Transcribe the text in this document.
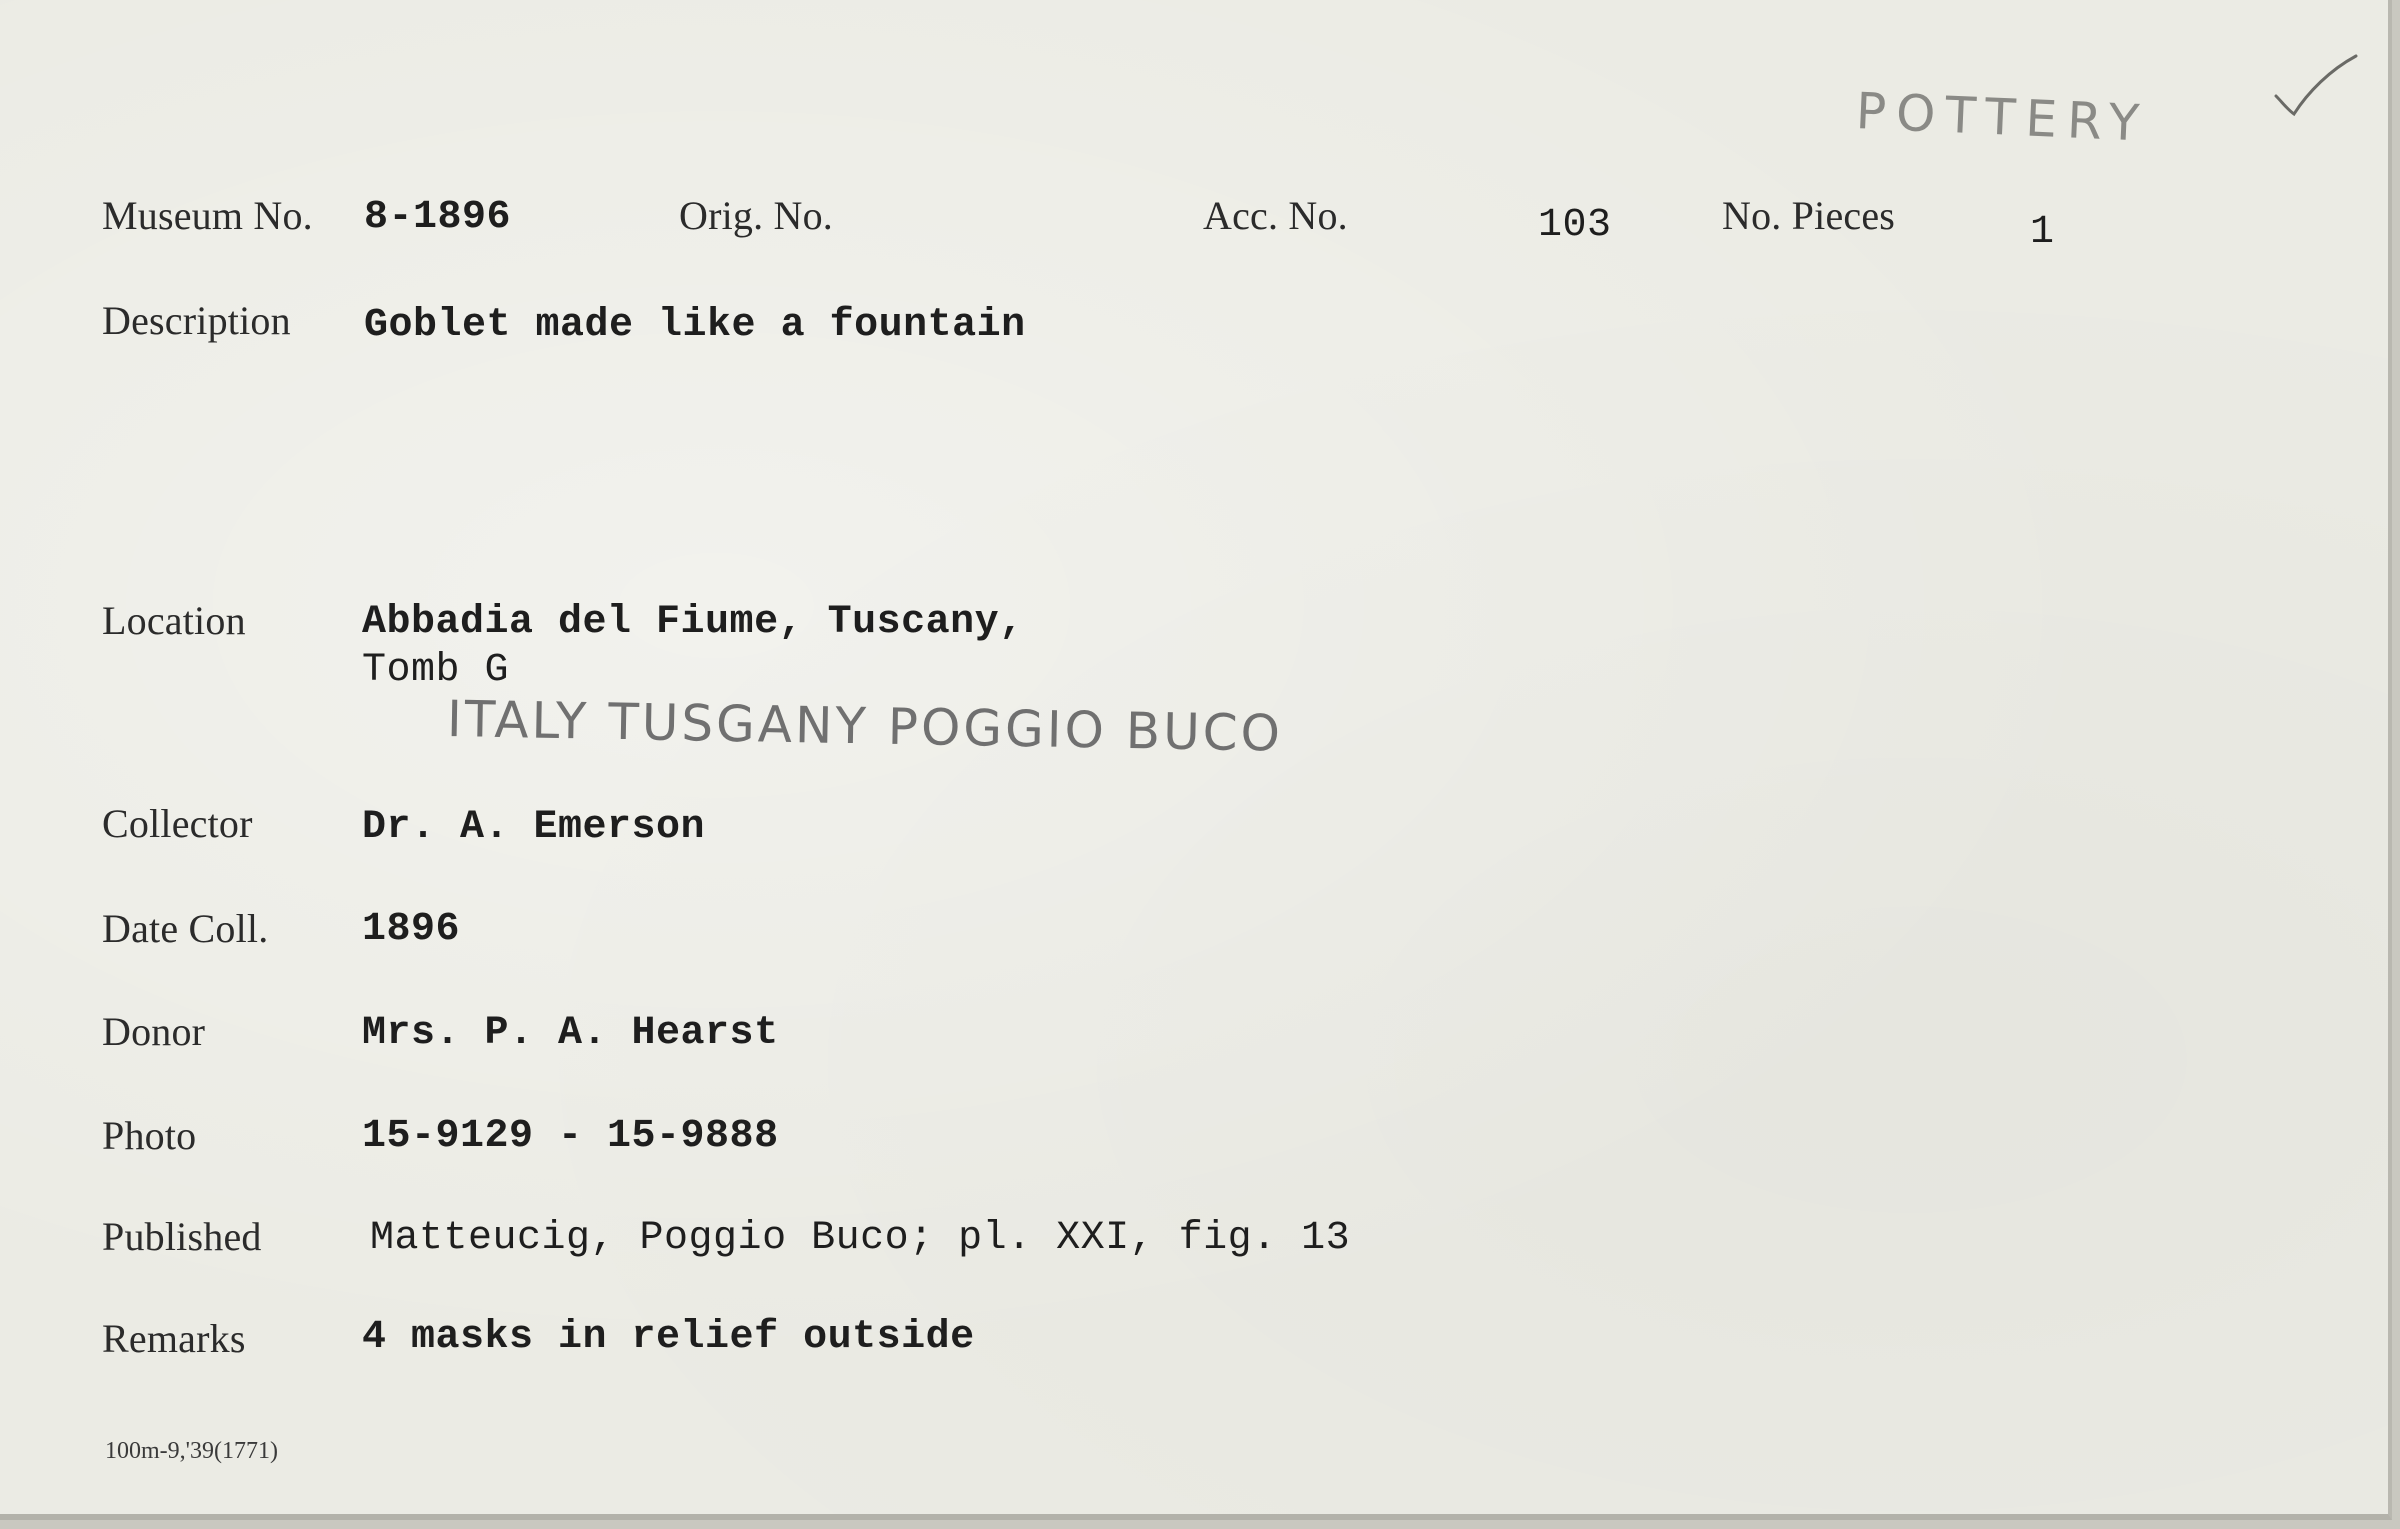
POTTERY
Museum No. 8-1896	Orig. No.	Acc. No.	103	No. Pieces	1
Description Goblet made like a fountain
Location	Abbadia del Fiume, Tuscany,
Tomb G
ITALY TUSGANY POGGIO BUCO
Collector	Dr. A. Emerson
Date Coll. 1896
Donor	Mrs. P. A. Hearst
Photo	15-9129 - 15-9888
Published	Matteucig, Poggio Buco; pl. XXI, fig. 13
Remarks	4 masks in relief outside
100m-9,'39(1771)
